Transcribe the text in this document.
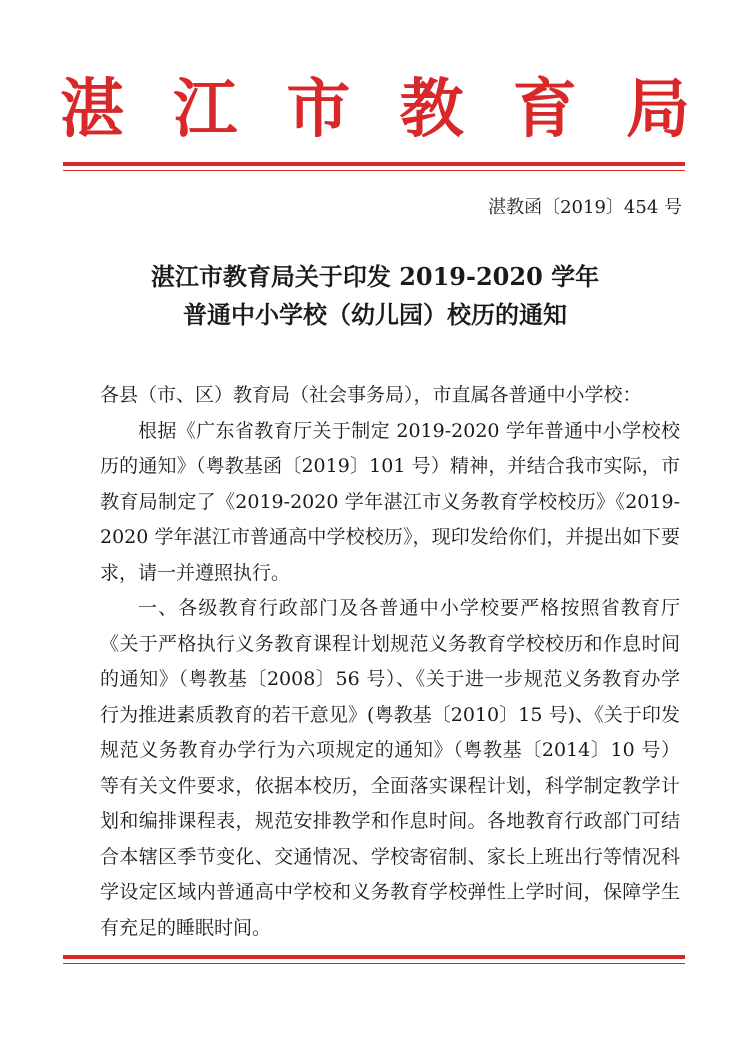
湛 江 市 教 育 局
湛教函〔2019〕454 号
湛江市教育局关于印发 2019-2020 学年
普通中小学校（幼儿园）校历的通知

各县（市、区）教育局（社会事务局），市直属各普通中小学校：

根据《广东省教育厅关于制定 2019-2020 学年普通中小学校校历的通知》（粤教基函〔2019〕101 号）精神，并结合我市实际，市教育局制定了《2019-2020 学年湛江市义务教育学校校历》《2019-2020 学年湛江市普通高中学校校历》，现印发给你们，并提出如下要求，请一并遵照执行。

一、各级教育行政部门及各普通中小学校要严格按照省教育厅《关于严格执行义务教育课程计划规范义务教育学校校历和作息时间的通知》（粤教基〔2008〕56 号）、《关于进一步规范义务教育办学行为推进素质教育的若干意见》(粤教基〔2010〕15 号)、《关于印发规范义务教育办学行为六项规定的通知》（粤教基〔2014〕10 号）等有关文件要求，依据本校历，全面落实课程计划，科学制定教学计划和编排课程表，规范安排教学和作息时间。各地教育行政部门可结合本辖区季节变化、交通情况、学校寄宿制、家长上班出行等情况科学设定区域内普通高中学校和义务教育学校弹性上学时间，保障学生有充足的睡眠时间。
